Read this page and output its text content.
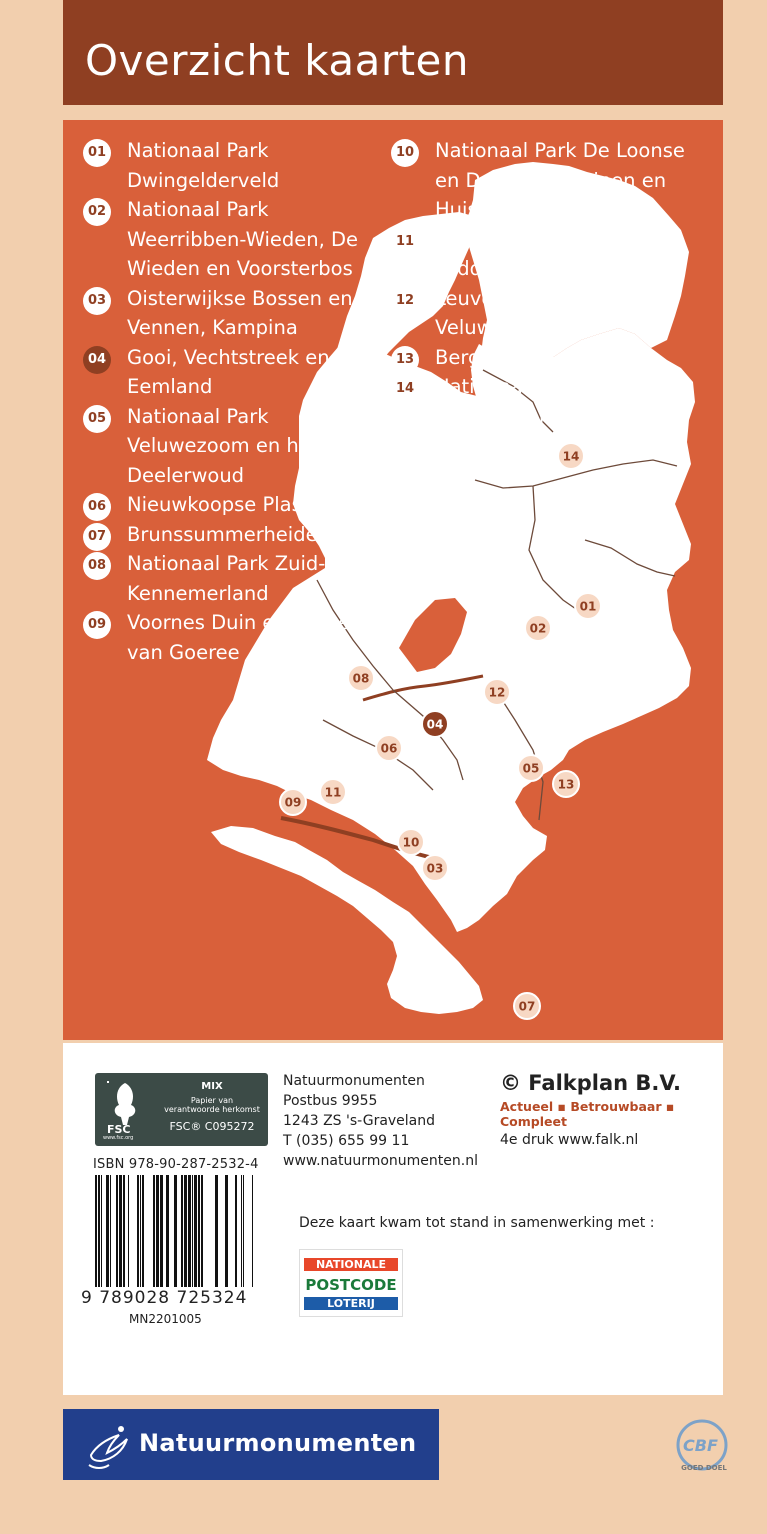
Overzicht kaarten
14
01
02
08
12
04
06
05
13
09
11
10
03
07
01 Nationaal Park Dwingelderveld
02 Nationaal Park Weerribben-Wieden, De Wieden en Voorsterbos
03 Oisterwijkse Bossen en Vennen, Kampina
04 Gooi, Vechtstreek en Eemland
05 Nationaal Park Veluwezoom en het Deelerwoud
06 Nieuwkoopse Plassen
07 Brunssummerheide
08 Nationaal Park Zuid- Kennemerland
09 Voornes Duin en Duinen van Goeree
10 Nationaal Park De Loonse en Drunense Duinen en Huis ter Heide
11 Rotterdams Platteland, Midden-Delfland
12 Leuvenumse Bossen en Veluwemeerkust
13 Bergherbos
14 Nationaal Park Schiermonnikoog
FSC
www.fsc.org
MIX
Papier van
verantwoorde herkomst
FSC® C095272
ISBN 978-90-287-2532-4
9 789028 725324
MN2201005
Natuurmonumenten
Postbus 9955
1243 ZS 's-Graveland
T (035) 655 99 11
www.natuurmonumenten.nl
© Falkplan B.V.
Actueel ▪ Betrouwbaar ▪ Compleet
4e druk www.falk.nl
Deze kaart kwam tot stand in samenwerking met :
NATIONALE
POSTCODE
LOTERIJ
Natuurmonumenten	CBF
GOED DOEL
